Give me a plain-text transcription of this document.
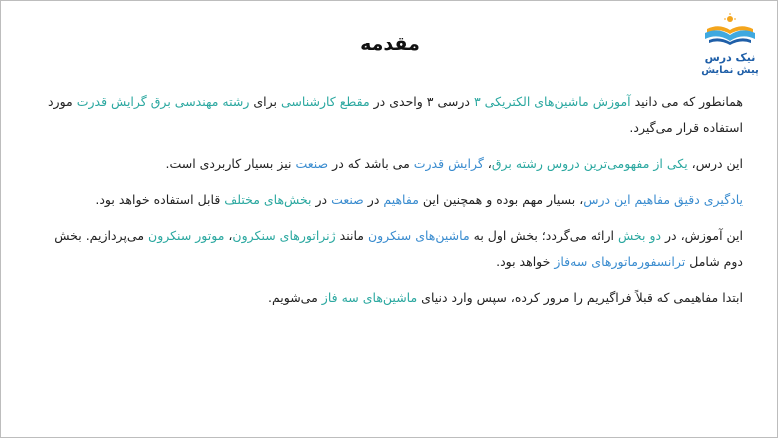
مقدمه
نیک درس
پیش نمایش

همانطور که می دانید آموزش ماشین‌های الکتریکی ۳ درسی ۳ واحدی در مقطع کارشناسی برای رشته مهندسی برق گرایش قدرت مورد استفاده قرار می‌گیرد.

این درس، یکی از مفهومی‌ترین دروس رشته برق، گرایش قدرت می باشد که در صنعت نیز بسیار کاربردی است.

یادگیری دقیق مفاهیم این درس، بسیار مهم بوده و همچنین این مفاهیم در صنعت در بخش‌های مختلف قابل استفاده خواهد بود.

این آموزش، در دو بخش ارائه می‌گردد؛ بخش اول به ماشین‌های سنکرون مانند ژنراتورهای سنکرون، موتور سنکرون می‌پردازیم. بخش دوم شامل ترانسفورماتورهای سه‌فاز خواهد بود.

ابتدا مفاهیمی که قبلاً فراگیریم را مرور کرده، سپس وارد دنیای ماشین‌های سه فاز می‌شویم.
